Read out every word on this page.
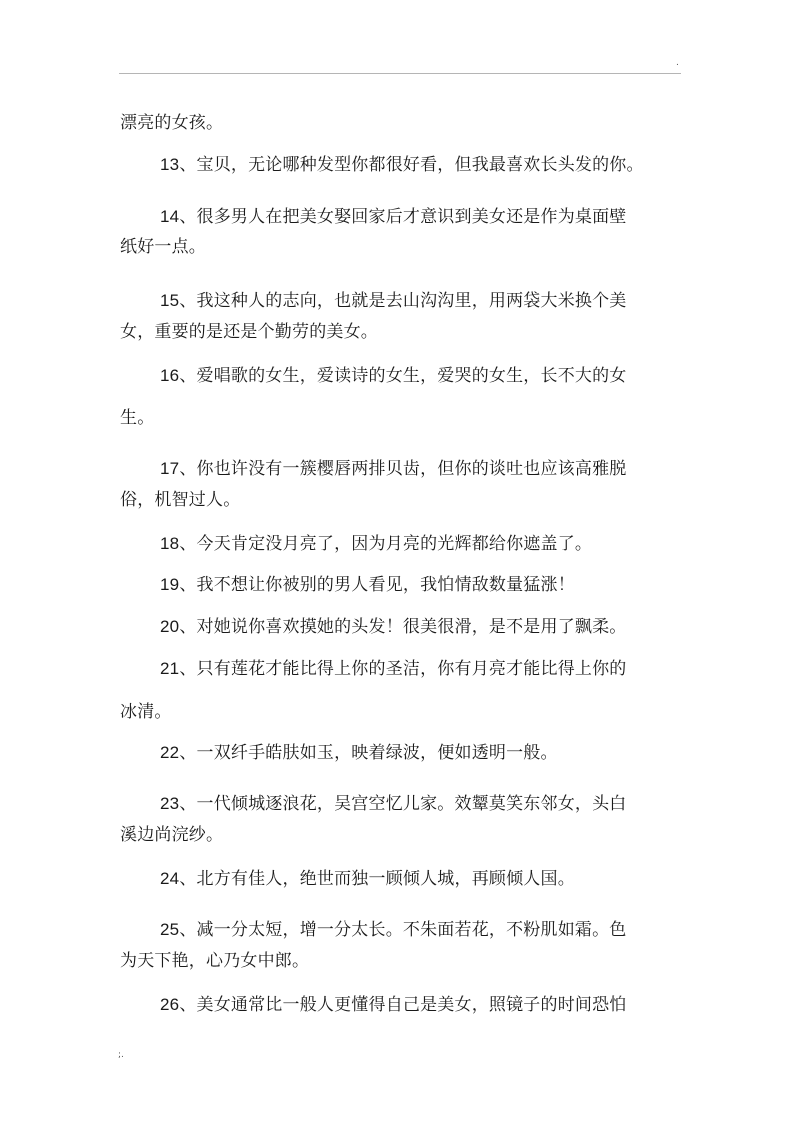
.
漂亮的女孩。
13、宝贝，无论哪种发型你都很好看，但我最喜欢长头发的你。
14、很多男人在把美女娶回家后才意识到美女还是作为桌面壁
纸好一点。
15、我这种人的志向，也就是去山沟沟里，用两袋大米换个美
女，重要的是还是个勤劳的美女。
16、爱唱歌的女生，爱读诗的女生，爱哭的女生，长不大的女
生。
17、你也许没有一簇樱唇两排贝齿，但你的谈吐也应该高雅脱
俗，机智过人。
18、今天肯定没月亮了，因为月亮的光辉都给你遮盖了。
19、我不想让你被别的男人看见，我怕情敌数量猛涨！
20、对她说你喜欢摸她的头发！很美很滑，是不是用了飘柔。
21、只有莲花才能比得上你的圣洁，你有月亮才能比得上你的
冰清。
22、一双纤手皓肤如玉，映着绿波，便如透明一般。
23、一代倾城逐浪花，吴宫空忆儿家。效颦莫笑东邻女，头白
溪边尚浣纱。
24、北方有佳人，绝世而独一顾倾人城，再顾倾人国。
25、减一分太短，增一分太长。不朱面若花，不粉肌如霜。色
为天下艳，心乃女中郎。
26、美女通常比一般人更懂得自己是美女，照镜子的时间恐怕
;.
